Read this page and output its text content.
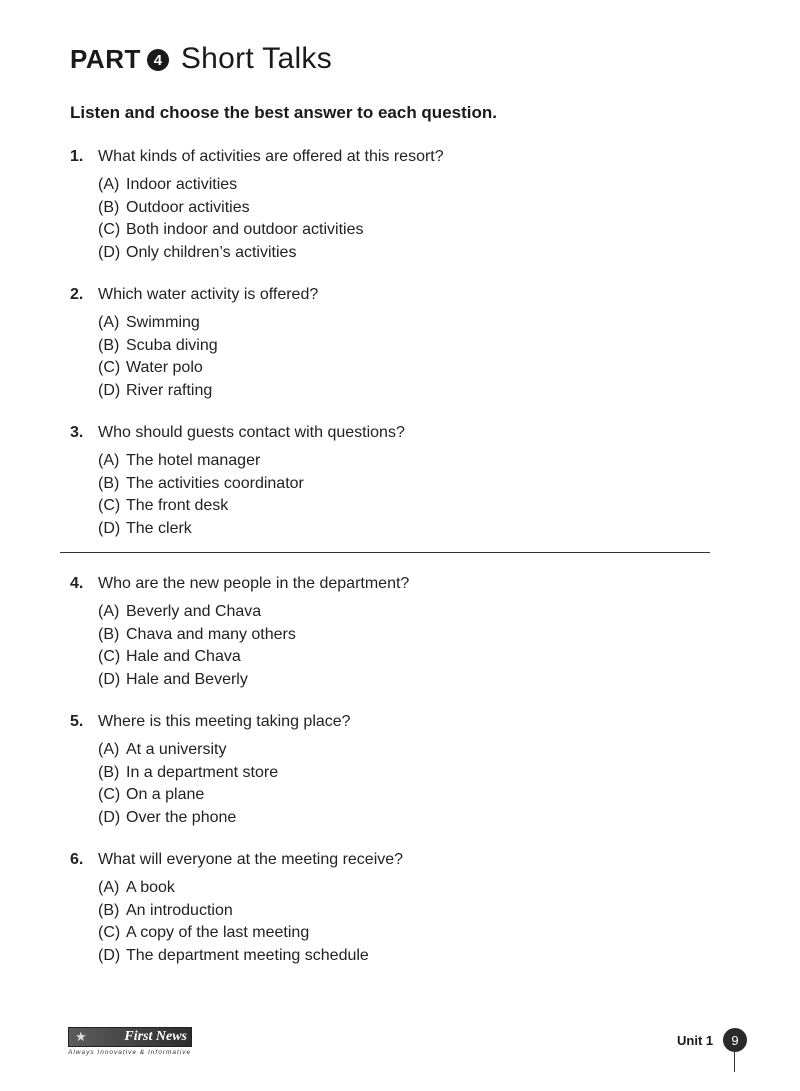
PART 4 Short Talks
Listen and choose the best answer to each question.
1. What kinds of activities are offered at this resort?
(A) Indoor activities
(B) Outdoor activities
(C) Both indoor and outdoor activities
(D) Only children’s activities
2. Which water activity is offered?
(A) Swimming
(B) Scuba diving
(C) Water polo
(D) River rafting
3. Who should guests contact with questions?
(A) The hotel manager
(B) The activities coordinator
(C) The front desk
(D) The clerk
4. Who are the new people in the department?
(A) Beverly and Chava
(B) Chava and many others
(C) Hale and Chava
(D) Hale and Beverly
5. Where is this meeting taking place?
(A) At a university
(B) In a department store
(C) On a plane
(D) Over the phone
6. What will everyone at the meeting receive?
(A) A book
(B) An introduction
(C) A copy of the last meeting
(D) The department meeting schedule
★	First News
Always Innovative & Informative
Unit 1	9
